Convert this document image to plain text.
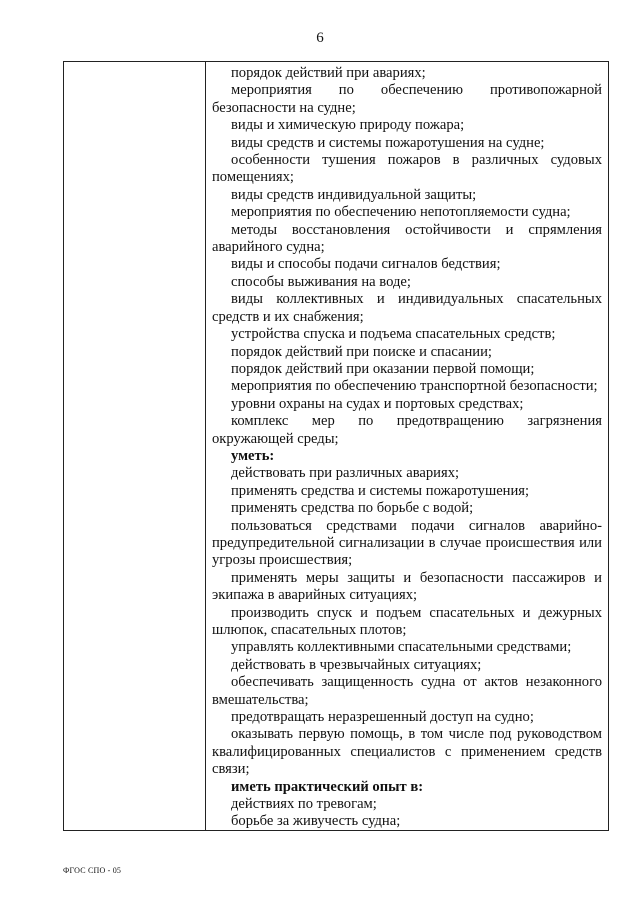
6

порядок действий при авариях;

мероприятия по обеспечению противопожарной безопасности на судне;

виды и химическую природу пожара;

виды средств и системы пожаротушения на судне;

особенности тушения пожаров в различных судовых помещениях;

виды средств индивидуальной защиты;

мероприятия по обеспечению непотопляемости судна;

методы восстановления остойчивости и спрямления аварийного судна;

виды и способы подачи сигналов бедствия;

способы выживания на воде;

виды коллективных и индивидуальных спасательных средств и их снабжения;

устройства спуска и подъема спасательных средств;

порядок действий при поиске и спасании;

порядок действий при оказании первой помощи;

мероприятия по обеспечению транспортной безопасности;

уровни охраны на судах и портовых средствах;

комплекс мер по предотвращению загрязнения окружающей среды;

уметь:

действовать при различных авариях;

применять средства и системы пожаротушения;

применять средства по борьбе с водой;

пользоваться средствами подачи сигналов аварийно-предупредительной сигнализации в случае происшествия или угрозы происшествия;

применять меры защиты и безопасности пассажиров и экипажа в аварийных ситуациях;

производить спуск и подъем спасательных и дежурных шлюпок, спасательных плотов;

управлять коллективными спасательными средствами;

действовать в чрезвычайных ситуациях;

обеспечивать защищенность судна от актов незаконного вмешательства;

предотвращать неразрешенный доступ на судно;

оказывать первую помощь, в том числе под руководством квалифицированных специалистов с применением средств связи;

иметь практический опыт в:

действиях по тревогам;

борьбе за живучесть судна;

ФГОС СПО - 05
